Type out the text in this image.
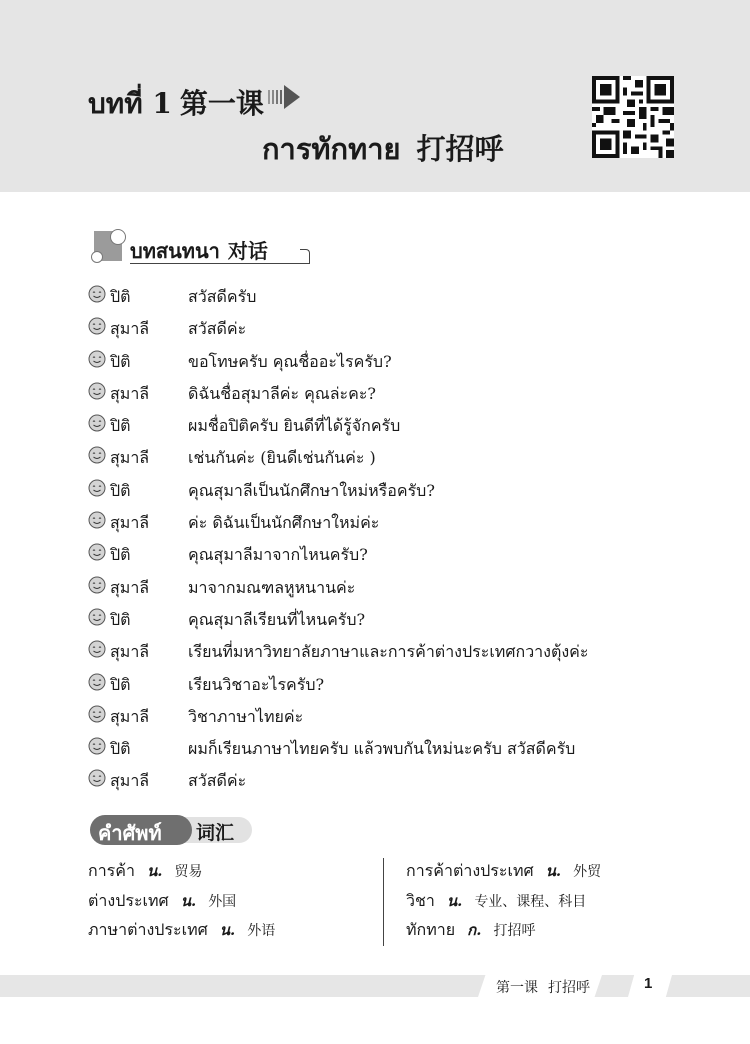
บทที่ 1 第一课
การทักทาย 打招呼
บทสนทนา 对话
ปิติ	สวัสดีครับ
สุมาลี สวัสดีค่ะ
ปิติ	ขอโทษครับ คุณชื่ออะไรครับ?
สุมาลี ดิฉันชื่อสุมาลีค่ะ คุณล่ะคะ?
ปิติ	ผมชื่อปิติครับ ยินดีที่ได้รู้จักครับ
สุมาลี เช่นกันค่ะ (ยินดีเช่นกันค่ะ )
ปิติ	คุณสุมาลีเป็นนักศึกษาใหม่หรือครับ?
สุมาลี ค่ะ ดิฉันเป็นนักศึกษาใหม่ค่ะ
ปิติ	คุณสุมาลีมาจากไหนครับ?
สุมาลี มาจากมณฑลหูหนานค่ะ
ปิติ	คุณสุมาลีเรียนที่ไหนครับ?
สุมาลี เรียนที่มหาวิทยาลัยภาษาและการค้าต่างประเทศกวางตุ้งค่ะ
ปิติ	เรียนวิชาอะไรครับ?
สุมาลี วิชาภาษาไทยค่ะ
ปิติ	ผมก็เรียนภาษาไทยครับ แล้วพบกันใหม่นะครับ สวัสดีครับ
สุมาลี สวัสดีค่ะ
คำศัพท์ 词汇
การค้า น. 贸易
ต่างประเทศ น. 外国
ภาษาต่างประเทศ น. 外语
การค้าต่างประเทศ น. 外贸
วิชา น. 专业、课程、科目
ทักทาย ก. 打招呼
第一课 打招呼	1
